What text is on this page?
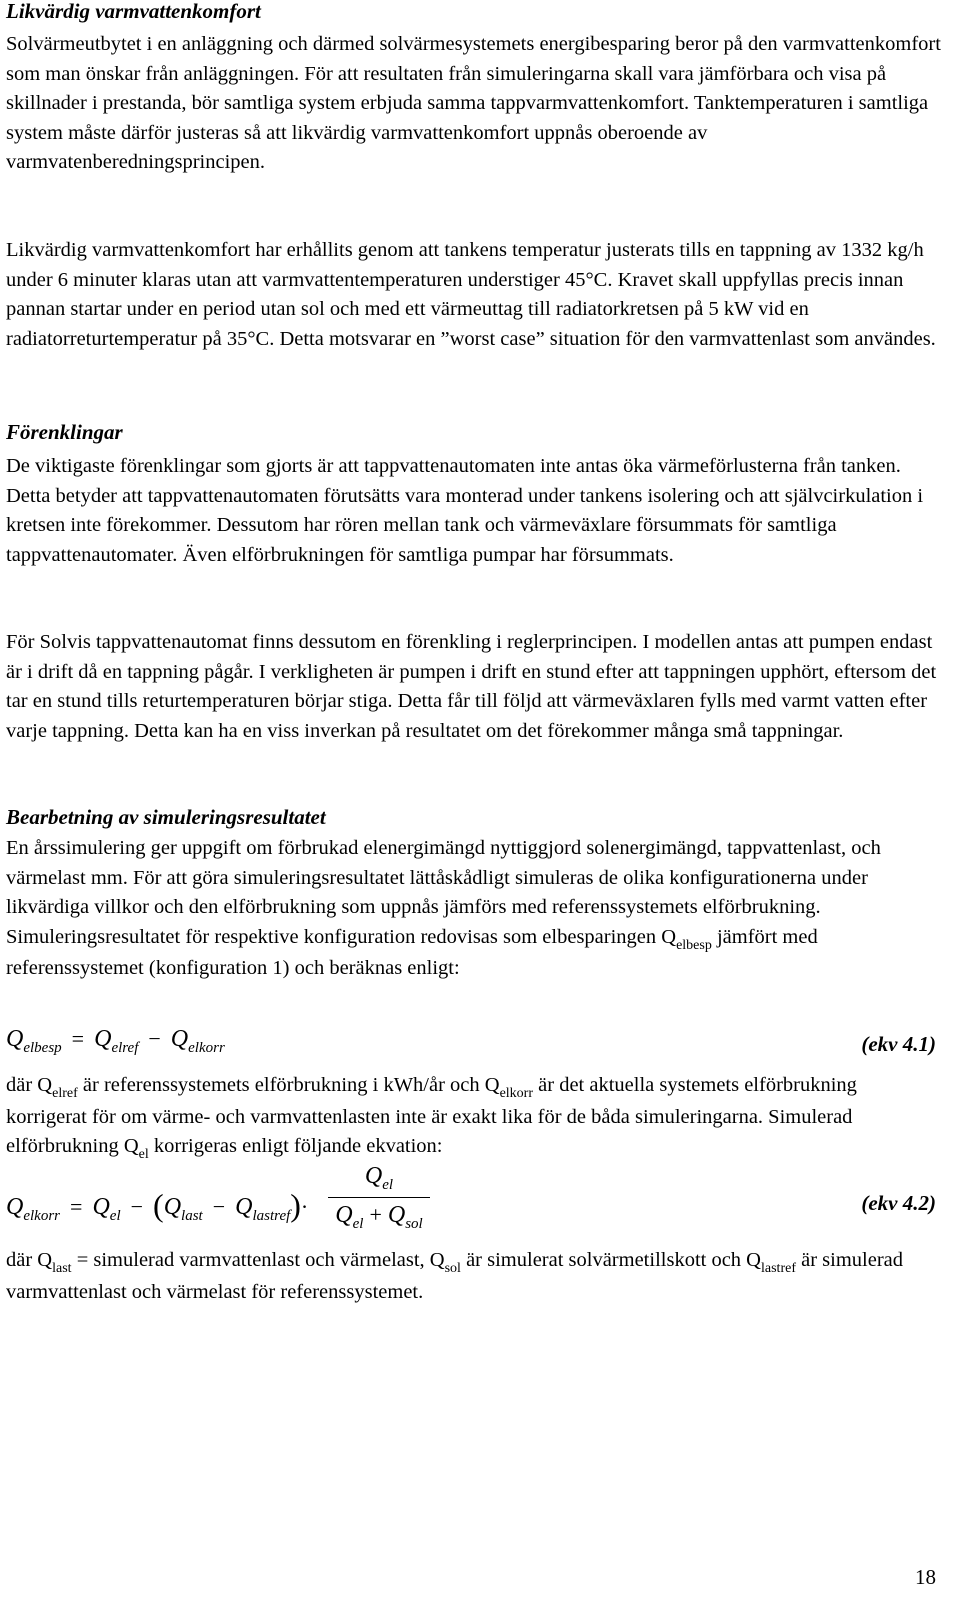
Likvärdig varmvattenkomfort

Solvärmeutbytet i en anläggning och därmed solvärmesystemets energibesparing beror på den varmvattenkomfort som man önskar från anläggningen. För att resultaten från simuleringarna skall vara jämförbara och visa på skillnader i prestanda, bör samtliga system erbjuda samma tappvarmvattenkomfort. Tanktemperaturen i samtliga system måste därför justeras så att likvärdig varmvattenkomfort uppnås oberoende av varmvatenberedningsprincipen.

Likvärdig varmvattenkomfort har erhållits genom att tankens temperatur justerats tills en tappning av 1332 kg/h under 6 minuter klaras utan att varmvattentemperaturen understiger 45°C. Kravet skall uppfyllas precis innan pannan startar under en period utan sol och med ett värmeuttag till radiatorkretsen på 5 kW vid en radiatorreturtemperatur på 35°C. Detta motsvarar en ”worst case” situation för den varmvattenlast som användes.

Förenklingar

De viktigaste förenklingar som gjorts är att tappvattenautomaten inte antas öka värmeförlusterna från tanken. Detta betyder att tappvattenautomaten förutsätts vara monterad under tankens isolering och att självcirkulation i kretsen inte förekommer. Dessutom har rören mellan tank och värmeväxlare försummats för samtliga tappvattenautomater. Även elförbrukningen för samtliga pumpar har försummats.

För Solvis tappvattenautomat finns dessutom en förenkling i reglerprincipen. I modellen antas att pumpen endast är i drift då en tappning pågår. I verkligheten är pumpen i drift en stund efter att tappningen upphört, eftersom det tar en stund tills returtemperaturen börjar stiga. Detta får till följd att värmeväxlaren fylls med varmt vatten efter varje tappning. Detta kan ha en viss inverkan på resultatet om det förekommer många små tappningar.

Bearbetning av simuleringsresultatet

En årssimulering ger uppgift om förbrukad elenergimängd nyttiggjord solenergimängd, tappvattenlast, och värmelast mm. För att göra simuleringsresultatet lättåskådligt simuleras de olika konfigurationerna under likvärdiga villkor och den elförbrukning som uppnås jämförs med referenssystemets elförbrukning. Simuleringsresultatet för respektive konfiguration redovisas som elbesparingen $Q_{elbesp}$ jämfört med referenssystemet (konfiguration 1) och beräknas enligt:

Qelbesp = Qelref − Qelkorr	(ekv 4.1)

där $Q_{elref}$ är referenssystemets elförbrukning i kWh/år och $Q_{elkorr}$ är det aktuella systemets elförbrukning korrigerat för om värme- och varmvattenlasten inte är exakt lika för de båda simuleringarna. Simulerad elförbrukning $Q_{el}$ korrigeras enligt följande ekvation:

Qelkorr = Qel − (Qlast − Qlastref)·
Qel
Qel + Qsol
(ekv 4.2)

där $Q_{last}$ = simulerad varmvattenlast och värmelast, $Q_{sol}$ är simulerat solvärmetillskott och $Q_{lastref}$ är simulerad varmvattenlast och värmelast för referenssystemet.

18
